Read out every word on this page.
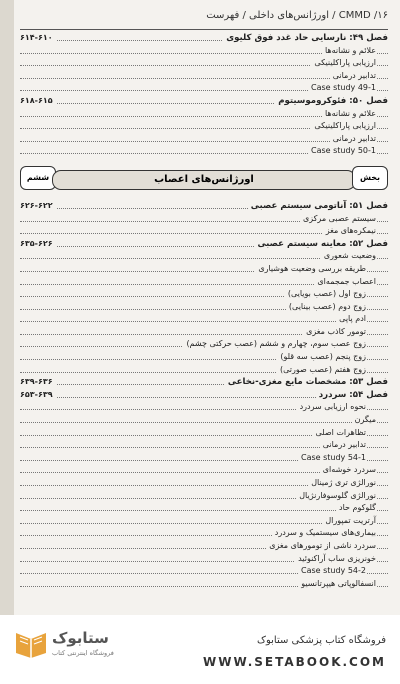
۱۶/ CMMD / اورژانس‌های داخلی / فهرست
فصل ۴۹: نارسایی حاد غدد فوق کلیوی
۶۱۴-۶۱۰
علائم و نشانه‌ها
ارزیابی پاراکلینیکی
تدابیر درمانی
Case study 49-1
فصل ۵۰: فئوکروموسیتوم
۶۱۸-۶۱۵
علائم و نشانه‌ها
ارزیابی پاراکلینیکی
تدابیر درمانی
Case study 50-1
ششم	اورژانس‌های اعصاب	بخش
فصل ۵۱: آناتومی سیستم عصبی
۶۲۶-۶۲۲
سیستم عصبی مرکزی
نیمکره‌های مغز
فصل ۵۲: معاینه سیستم عصبی
۶۳۵-۶۲۶
وضعیت شعوری
طریقه بررسی وضعیت هوشیاری
اعصاب جمجمه‌ای
زوج اول (عصب بویایی)
زوج دوم (عصب بینایی)
ادم پاپی
تومور کاذب مغزی
زوج عصب سوم، چهارم و ششم (عصب حرکتی چشم)
زوج پنجم (عصب سه قلو)
زوج هفتم (عصب صورتی)
فصل ۵۳: مشخصات مایع مغزی-نخاعی
۶۳۹-۶۳۶
فصل ۵۴: سردرد
۶۵۳-۶۳۹
نحوه ارزیابی سردرد
میگرن
تظاهرات اصلی
تدابیر درمانی
Case study 54-1
سردرد خوشه‌ای
نورالژی تری ژمینال
نورالژی گلوسوفارنژیال
گلوکوم حاد
آرتریت تمپورال
بیماری‌های سیستمیک و سردرد
سردرد ناشی از تومورهای مغزی
خونریزی ساب آراکنوئید
Case study 54-2
انسفالوپاتی هیپرتانسیو
ستابوک
فروشگاه اینترنتی کتاب
فروشگاه کتاب پزشکی ستابوک
WWW.SETABOOK.COM
